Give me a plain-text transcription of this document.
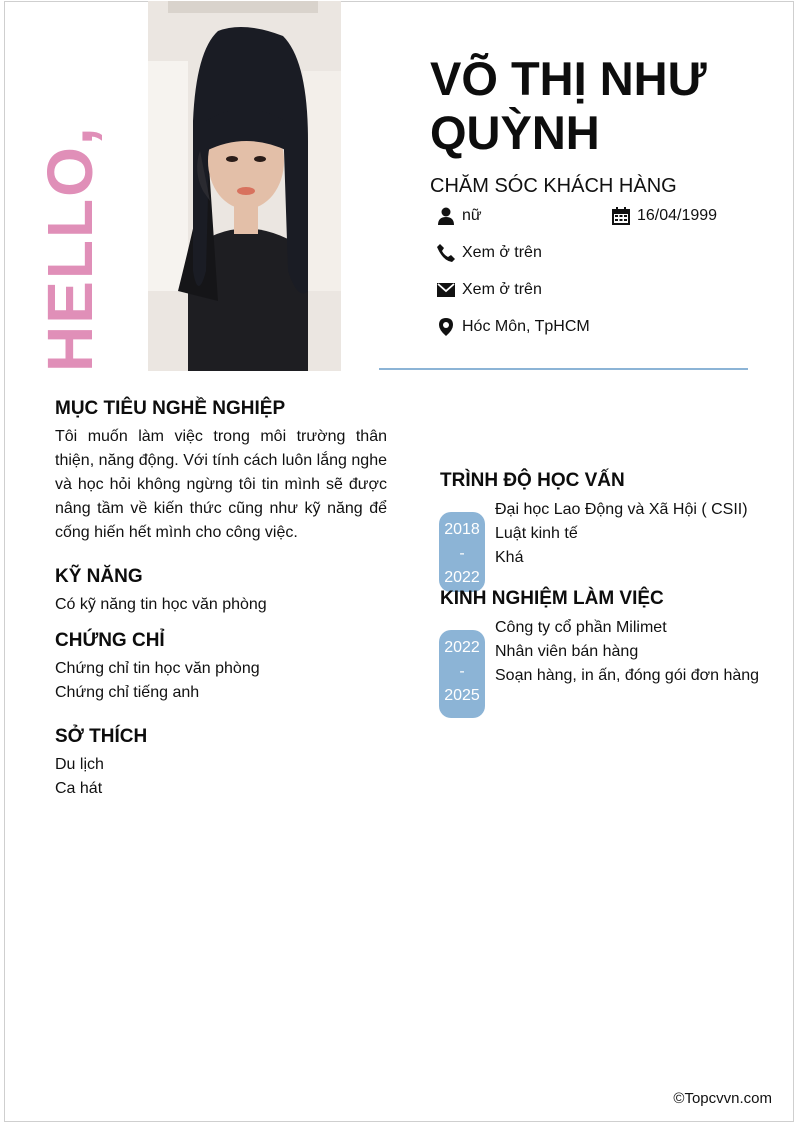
HELLO,
VÕ THỊ NHƯ QUỲNH
CHĂM SÓC KHÁCH HÀNG
nữ	16/04/1999
Xem ở trên
Xem ở trên
Hóc Môn, TpHCM
MỤC TIÊU NGHỀ NGHIỆP
Tôi muốn làm việc trong môi trường thân thiện, năng động. Với tính cách luôn lắng nghe và học hỏi không ngừng tôi tin mình sẽ được nâng tầm về kiến thức cũng như kỹ năng để cống hiến hết mình cho công việc.
KỸ NĂNG
Có kỹ năng tin học văn phòng
CHỨNG CHỈ
Chứng chỉ tin học văn phòng
Chứng chỉ tiếng anh
SỞ THÍCH
Du lịch
Ca hát
TRÌNH ĐỘ HỌC VẤN
2018
-
2022
Đại học Lao Động và Xã Hội ( CSII)
Luật kinh tế
Khá
KINH NGHIỆM LÀM VIỆC
2022
-
2025
Công ty cổ phần Milimet
Nhân viên bán hàng
Soạn hàng, in ấn, đóng gói đơn hàng
©Topcvvn.com
